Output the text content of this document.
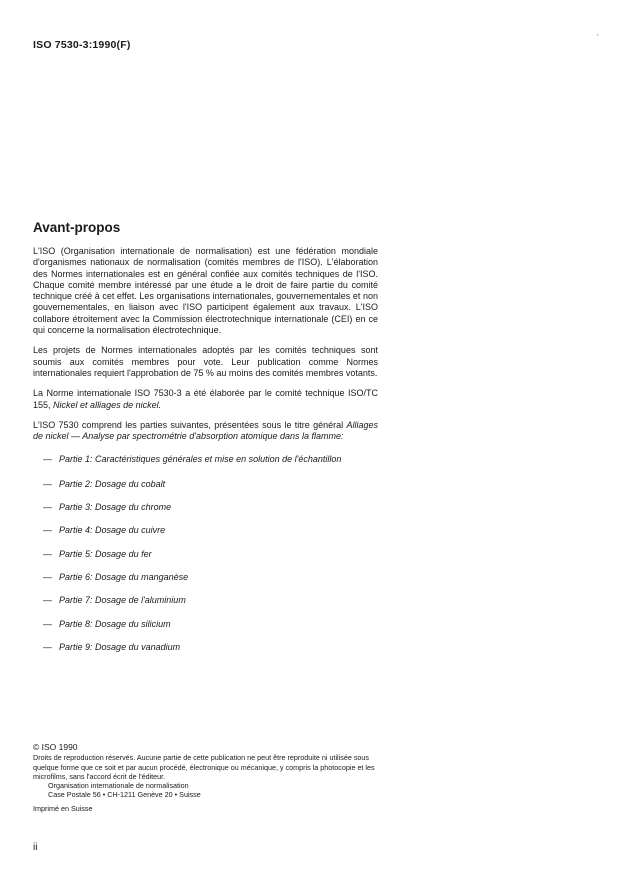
ISO 7530-3:1990(F)
'
Avant-propos

L'ISO (Organisation internationale de normalisation) est une fédération mondiale d'organismes nationaux de normalisation (comités membres de l'ISO). L'élaboration des Normes internationales est en général confiée aux comités techniques de l'ISO. Chaque comité membre intéressé par une étude a le droit de faire partie du comité technique créé à cet effet. Les organisations internationales, gouvernementales et non gouvernementales, en liaison avec l'ISO participent également aux travaux. L'ISO collabore étroitement avec la Commission électrotechnique internationale (CEI) en ce qui concerne la normalisation électrotechnique.

Les projets de Normes internationales adoptés par les comités techniques sont soumis aux comités membres pour vote. Leur publication comme Normes internationales requiert l'approbation de 75 % au moins des comités membres votants.

La Norme internationale ISO 7530-3 a été élaborée par le comité technique ISO/TC 155, Nickel et alliages de nickel.

L'ISO 7530 comprend les parties suivantes, présentées sous le titre général Alliages de nickel — Analyse par spectrométrie d'absorption atomique dans la flamme:

— Partie 1: Caractéristiques générales et mise en solution de l'échantillon
— Partie 2: Dosage du cobalt
— Partie 3: Dosage du chrome
— Partie 4: Dosage du cuivre
— Partie 5: Dosage du fer
— Partie 6: Dosage du manganèse
— Partie 7: Dosage de l'aluminium
— Partie 8: Dosage du silicium
— Partie 9: Dosage du vanadium
© ISO 1990
Droits de reproduction réservés. Aucune partie de cette publication ne peut être reproduite ni utilisée sous quelque forme que ce soit et par aucun procédé, électronique ou mécanique, y compris la photocopie et les microfilms, sans l'accord écrit de l'éditeur.
Organisation internationale de normalisation
Case Postale 56 • CH-1211 Genève 20 • Suisse
Imprimé en Suisse
ii
